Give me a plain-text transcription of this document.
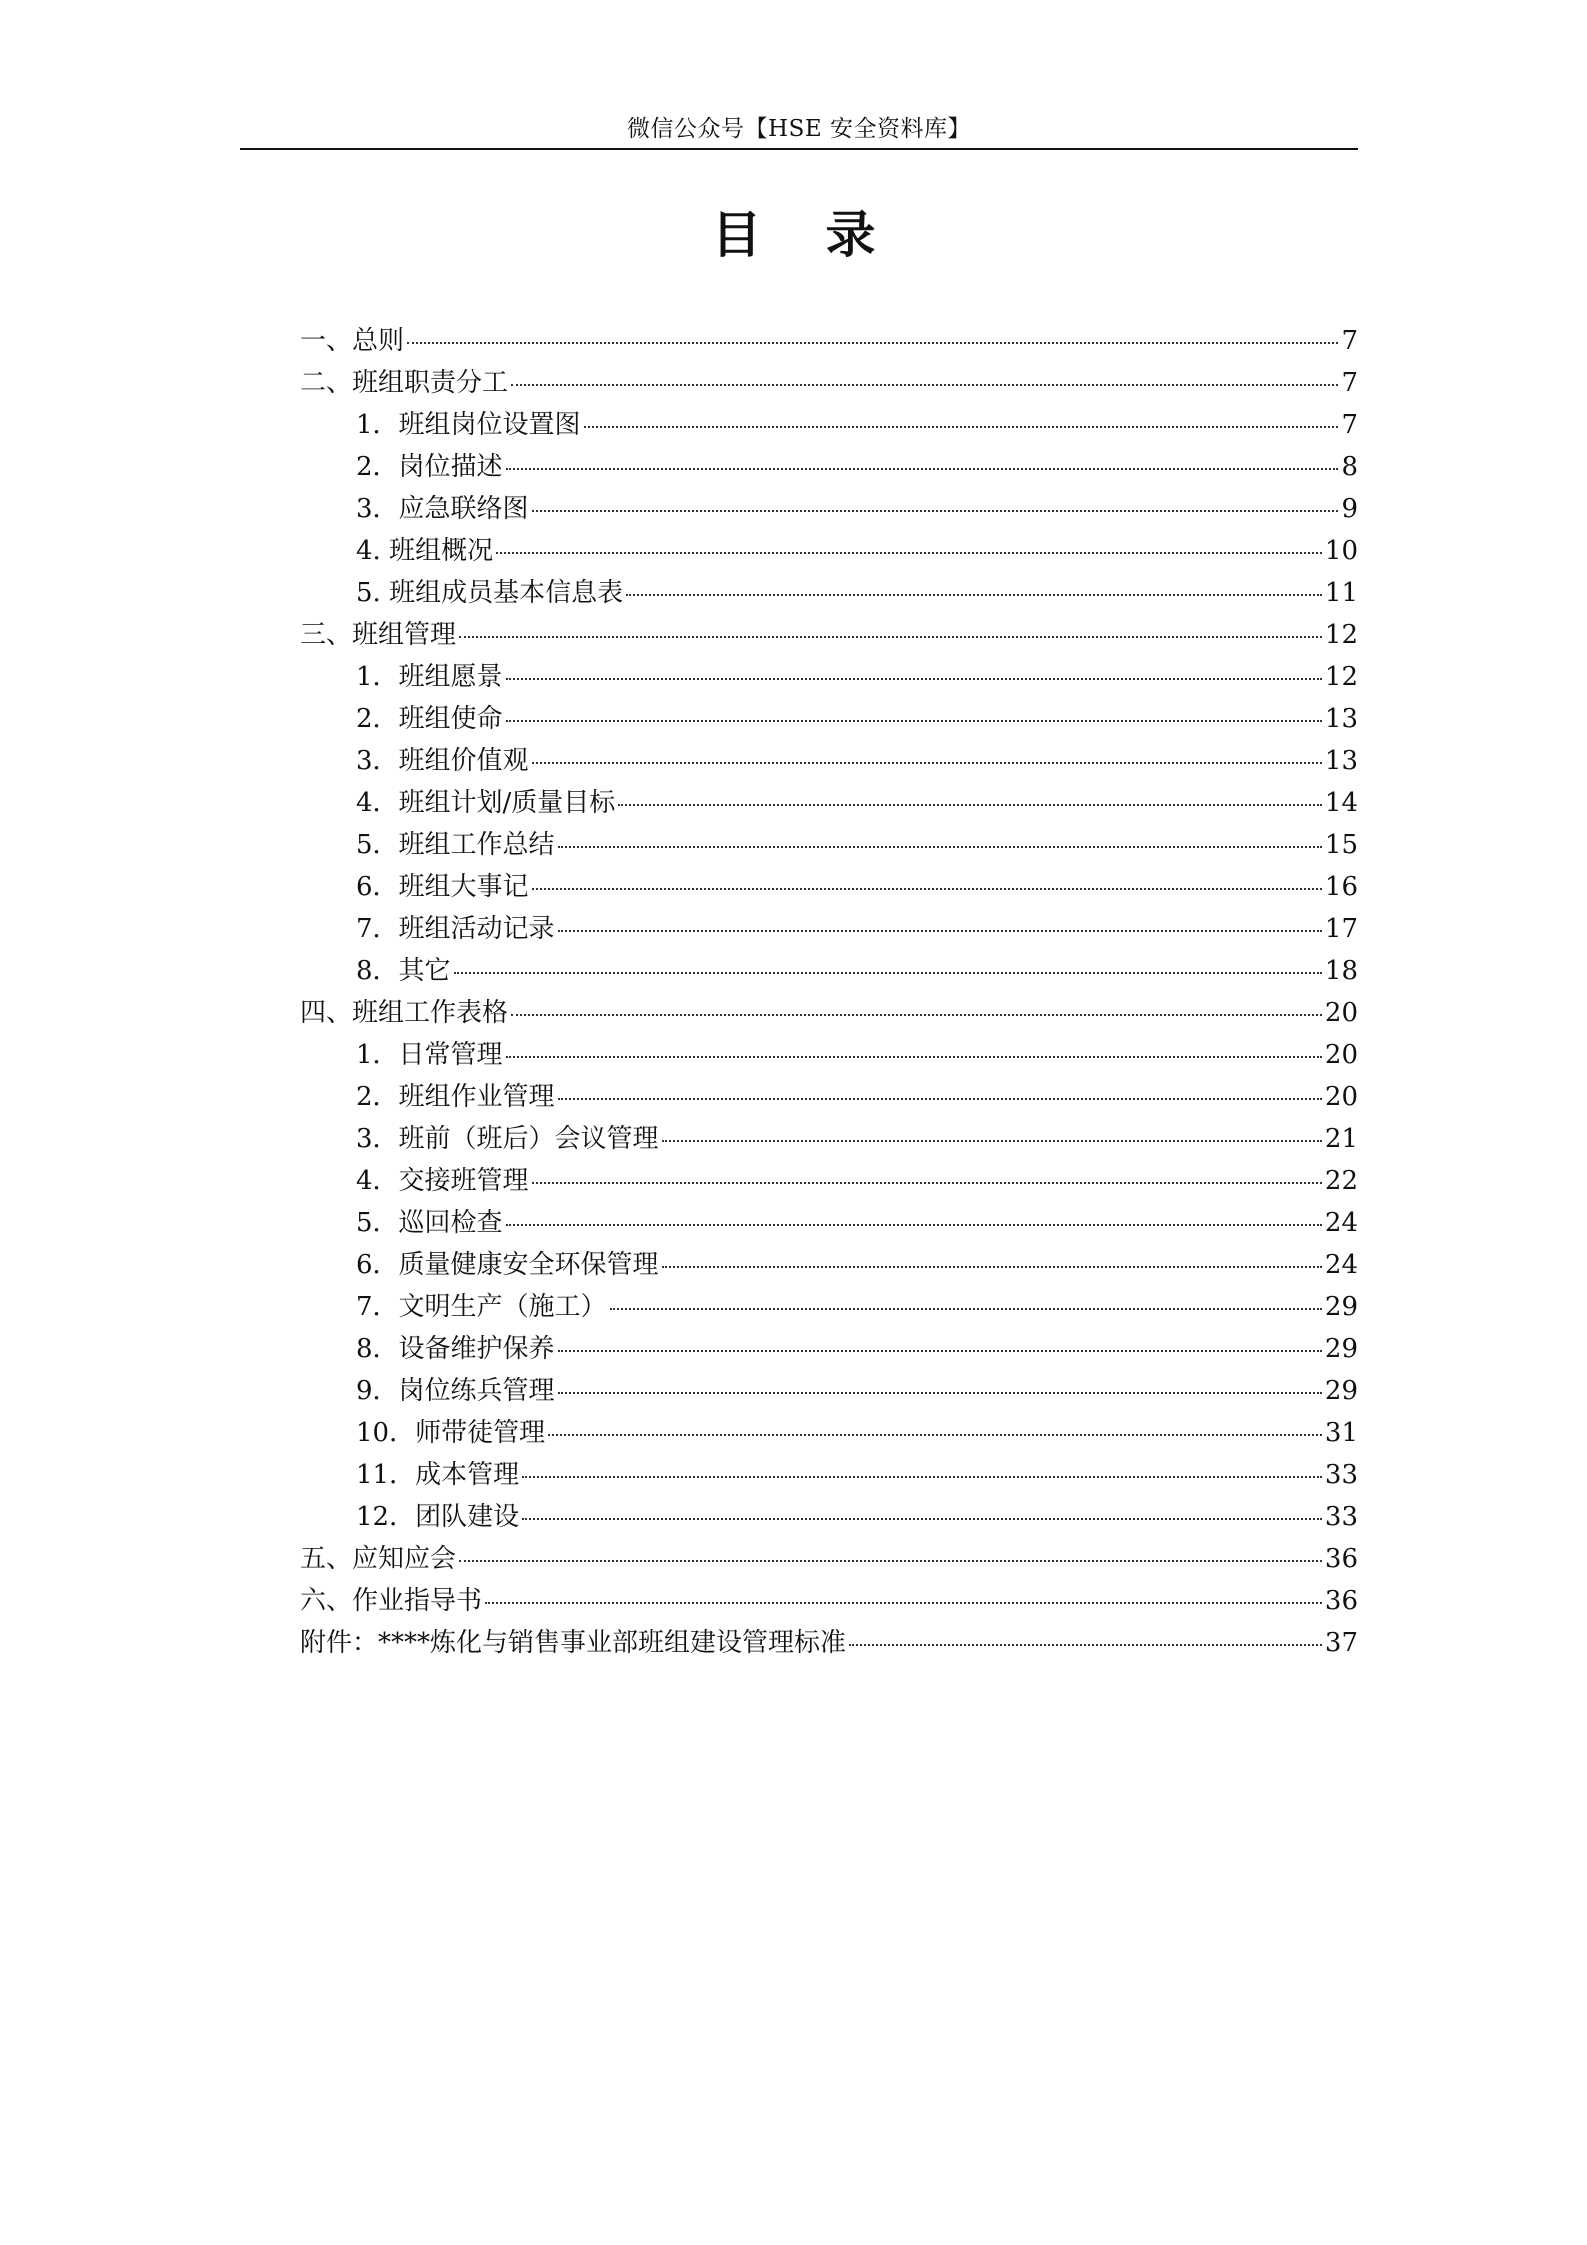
微信公众号【HSE 安全资料库】
目录
一、总则	7
二、班组职责分工	7
1．班组岗位设置图	7
2．岗位描述	8
3．应急联络图	9
4. 班组概况	10
5. 班组成员基本信息表	11
三、班组管理	12
1．班组愿景	12
2．班组使命	13
3．班组价值观	13
4．班组计划/质量目标	14
5．班组工作总结	15
6．班组大事记	16
7．班组活动记录	17
8．其它	18
四、班组工作表格	20
1．日常管理	20
2．班组作业管理	20
3．班前（班后）会议管理	21
4．交接班管理	22
5．巡回检查	24
6．质量健康安全环保管理	24
7．文明生产（施工）	29
8．设备维护保养	29
9．岗位练兵管理	29
10．师带徒管理	31
11．成本管理	33
12．团队建设	33
五、应知应会	36
六、作业指导书	36
附件：****炼化与销售事业部班组建设管理标准	37
